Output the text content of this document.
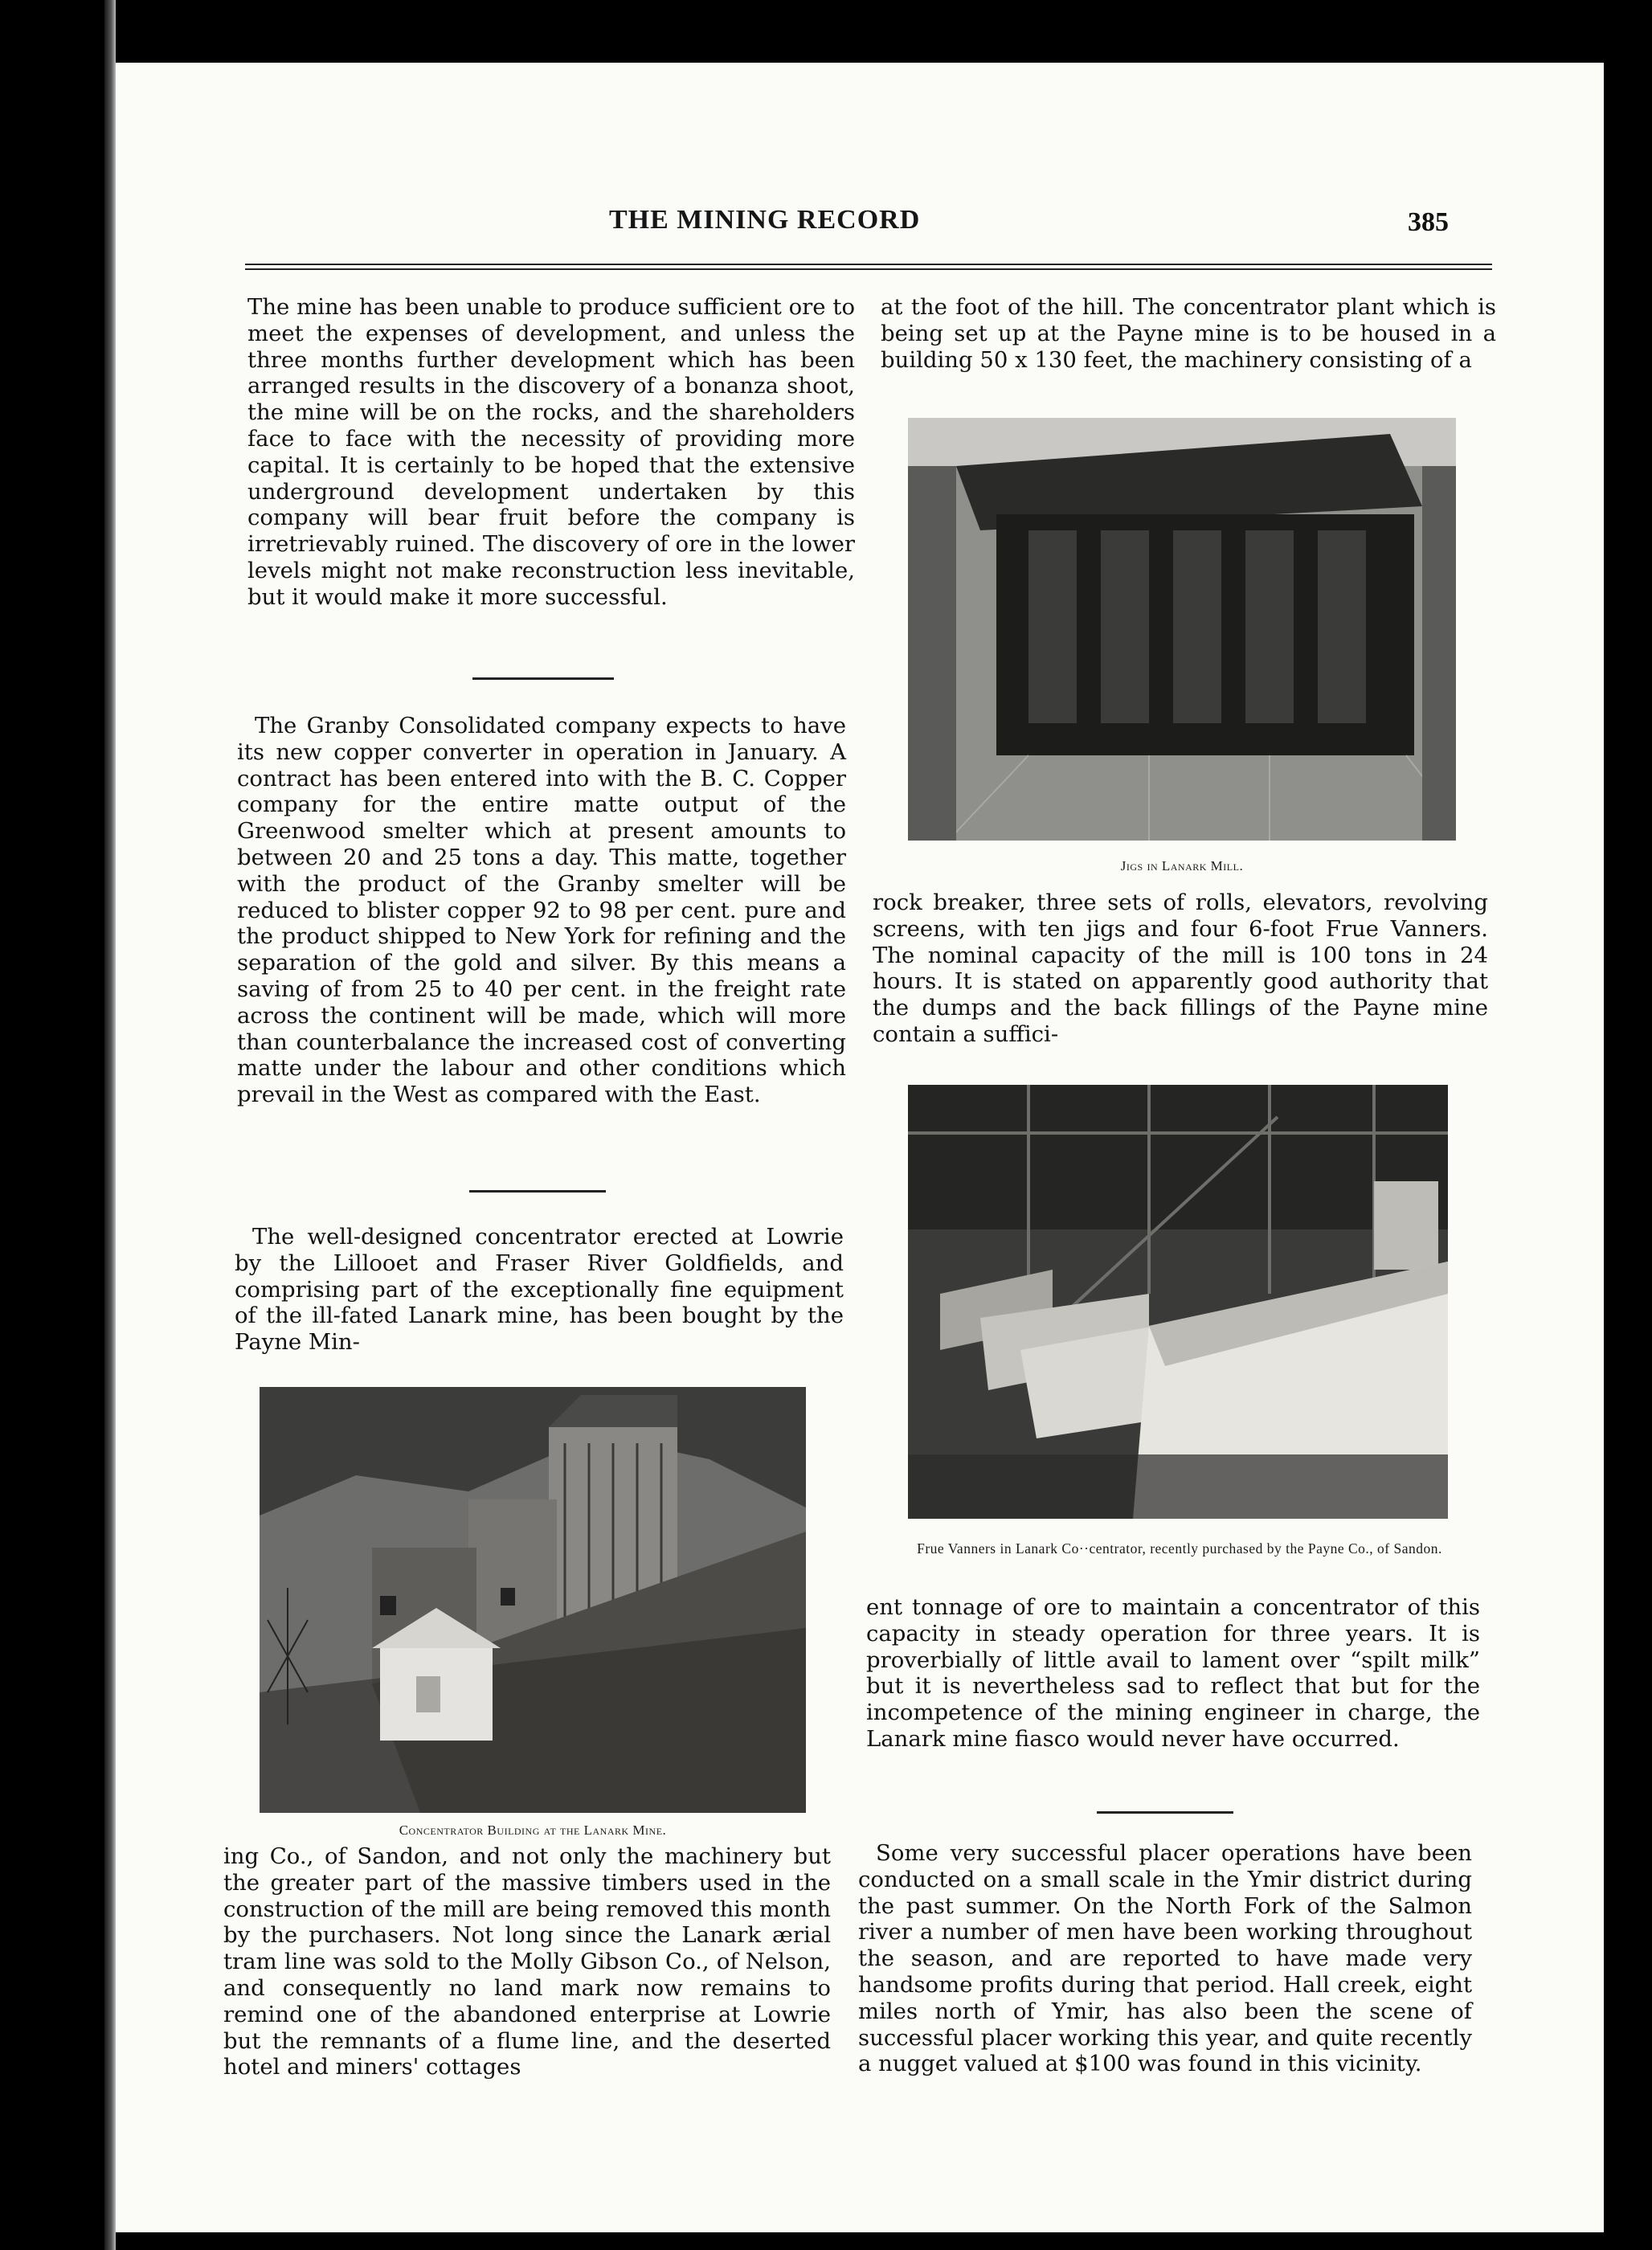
THE MINING RECORD	385

The mine has been unable to produce sufficient ore to meet the expenses of development, and unless the three months further development which has been arranged results in the discovery of a bonanza shoot, the mine will be on the rocks, and the shareholders face to face with the necessity of providing more capital. It is certainly to be hoped that the extensive underground development undertaken by this company will bear fruit before the company is irretrievably ruined. The discovery of ore in the lower levels might not make reconstruction less inevitable, but it would make it more successful.

The Granby Consolidated company expects to have its new copper converter in operation in January. A contract has been entered into with the B. C. Copper company for the entire matte output of the Greenwood smelter which at present amounts to between 20 and 25 tons a day. This matte, together with the product of the Granby smelter will be reduced to blister copper 92 to 98 per cent. pure and the product shipped to New York for refining and the separation of the gold and silver. By this means a saving of from 25 to 40 per cent. in the freight rate across the continent will be made, which will more than counterbalance the increased cost of converting matte under the labour and other conditions which prevail in the West as compared with the East.

The well-designed concentrator erected at Lowrie by the Lillooet and Fraser River Goldfields, and comprising part of the exceptionally fine equipment of the ill-fated Lanark mine, has been bought by the Payne Min-

Concentrator Building at the Lanark Mine.

ing Co., of Sandon, and not only the machinery but the greater part of the massive timbers used in the construction of the mill are being removed this month by the purchasers. Not long since the Lanark ærial tram line was sold to the Molly Gibson Co., of Nelson, and consequently no land mark now remains to remind one of the abandoned enterprise at Lowrie but the remnants of a flume line, and the deserted hotel and miners' cottages

at the foot of the hill. The concentrator plant which is being set up at the Payne mine is to be housed in a building 50 x 130 feet, the machinery consisting of a

Jigs in Lanark Mill.

rock breaker, three sets of rolls, elevators, revolving screens, with ten jigs and four 6-foot Frue Vanners. The nominal capacity of the mill is 100 tons in 24 hours. It is stated on apparently good authority that the dumps and the back fillings of the Payne mine contain a suffici-

Frue Vanners in Lanark Co··centrator, recently purchased by the Payne Co., of Sandon.

ent tonnage of ore to maintain a concentrator of this capacity in steady operation for three years. It is proverbially of little avail to lament over “spilt milk” but it is nevertheless sad to reflect that but for the incompetence of the mining engineer in charge, the Lanark mine fiasco would never have occurred.

Some very successful placer operations have been conducted on a small scale in the Ymir district during the past summer. On the North Fork of the Salmon river a number of men have been working throughout the season, and are reported to have made very handsome profits during that period. Hall creek, eight miles north of Ymir, has also been the scene of successful placer working this year, and quite recently a nugget valued at $100 was found in this vicinity.
